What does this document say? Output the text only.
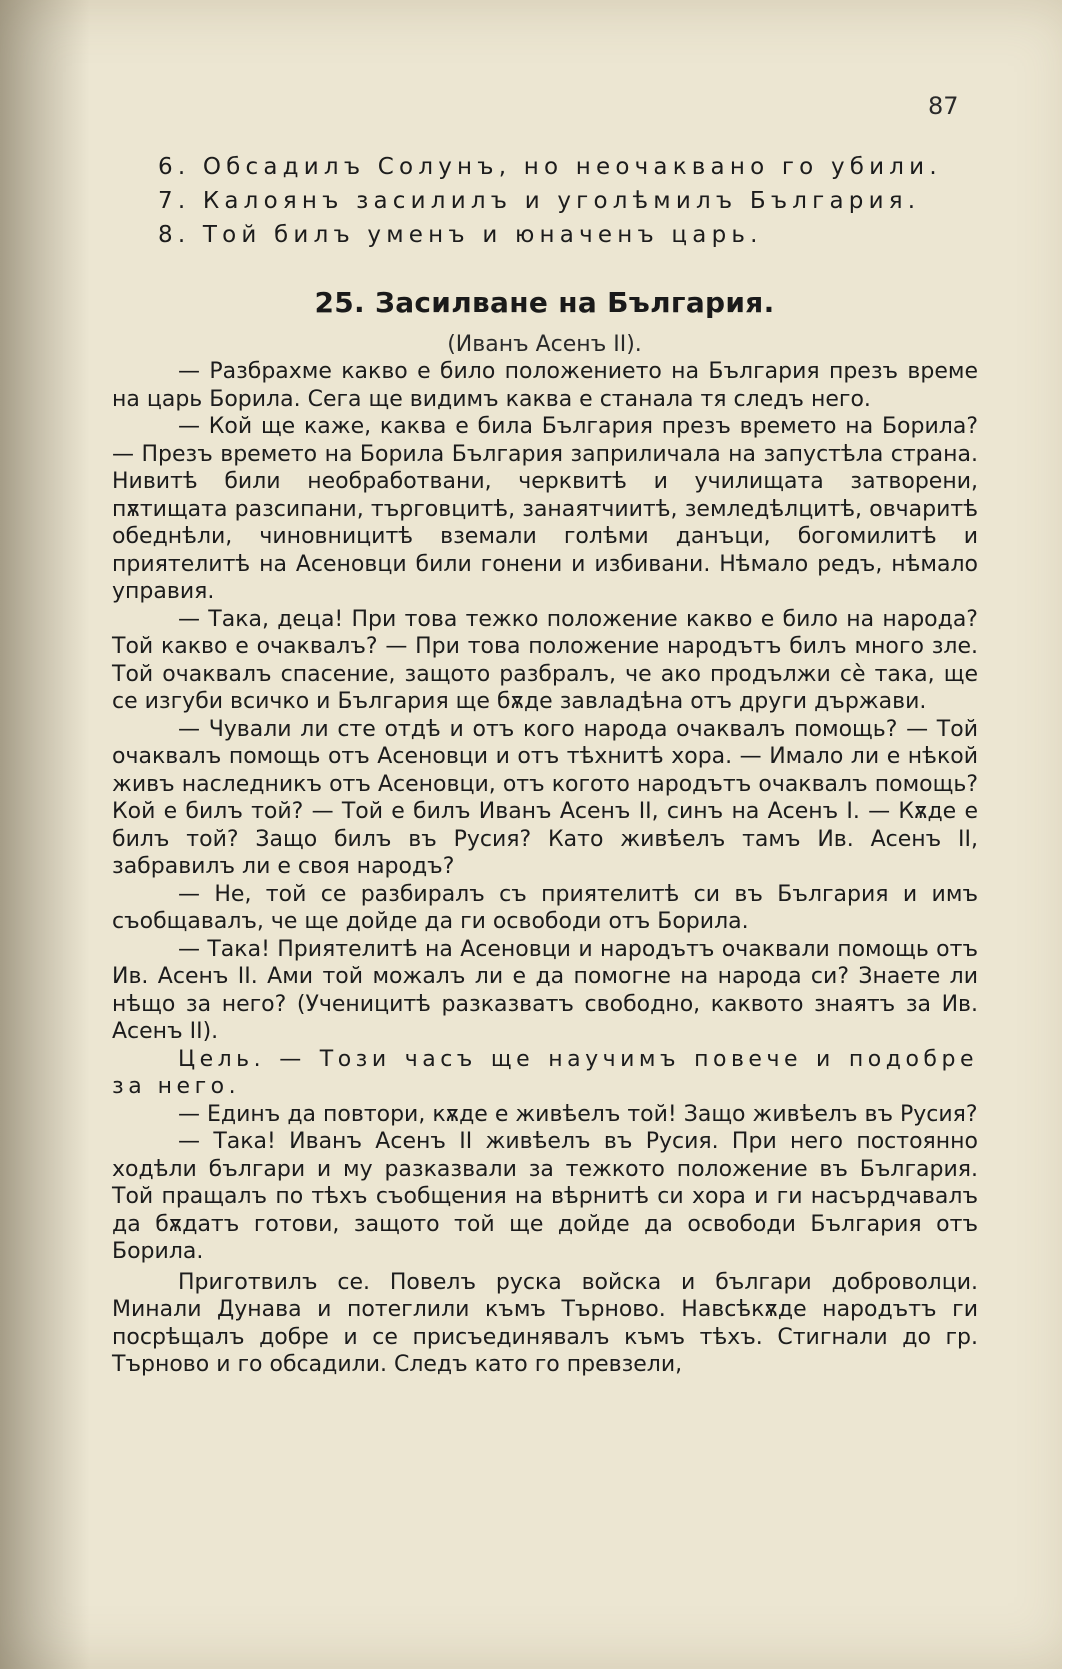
87

6. Обсадилъ Солунъ, но неочаквано го убили.

7. Калоянъ засилилъ и уголѣмилъ България.

8. Той билъ уменъ и юначенъ царь.

25. Засилване на България.
(Иванъ Асенъ II).

— Разбрахме какво е било положението на България презъ време на царь Борила. Сега ще видимъ каква е станала тя следъ него.

— Кой ще каже, каква е била България презъ времето на Борила? — Презъ времето на Борила България заприличала на запустѣла страна. Нивитѣ били необработвани, черквитѣ и училищата затворени, пѫтищата разсипани, търговцитѣ, занаятчиитѣ, земледѣлцитѣ, овчаритѣ обеднѣли, чиновницитѣ вземали голѣми данъци, богомилитѣ и приятелитѣ на Асеновци били гонени и избивани. Нѣмало редъ, нѣмало управия.

— Така, деца! При това тежко положение какво е било на народа? Той какво е очаквалъ? — При това положение народътъ билъ много зле. Той очаквалъ спасение, защото разбралъ, че ако продължи сè така, ще се изгуби всичко и България ще бѫде завладѣна отъ други държави.

— Чували ли сте отдѣ и отъ кого народа очаквалъ помощь? — Той очаквалъ помощь отъ Асеновци и отъ тѣхнитѣ хора. — Имало ли е нѣкой живъ наследникъ отъ Асеновци, отъ когото народътъ очаквалъ помощь? Кой е билъ той? — Той е билъ Иванъ Асенъ II, синъ на Асенъ I. — Кѫде е билъ той? Защо билъ въ Русия? Като живѣелъ тамъ Ив. Асенъ II, забравилъ ли е своя народъ?

— Не, той се разбиралъ съ приятелитѣ си въ България и имъ съобщавалъ, че ще дойде да ги освободи отъ Борила.

— Така! Приятелитѣ на Асеновци и народътъ очаквали помощь отъ Ив. Асенъ II. Ами той можалъ ли е да помогне на народа си? Знаете ли нѣщо за него? (Ученицитѣ разказватъ свободно, каквото знаятъ за Ив. Асенъ II).

Цель. — Този часъ ще научимъ повече и подобре за него.

— Единъ да повтори, кѫде е живѣелъ той! Защо живѣелъ въ Русия?

— Така! Иванъ Асенъ II живѣелъ въ Русия. При него постоянно ходѣли българи и му разказвали за тежкото положение въ България. Той пращалъ по тѣхъ съобщения на вѣрнитѣ си хора и ги насърдчавалъ да бѫдатъ готови, защото той ще дойде да освободи България отъ Борила.

Приготвилъ се. Повелъ руска войска и българи доброволци. Минали Дунава и потеглили къмъ Търново. Навсѣкѫде народътъ ги посрѣщалъ добре и се присъединявалъ къмъ тѣхъ. Стигнали до гр. Търново и го обсадили. Следъ като го превзели,
